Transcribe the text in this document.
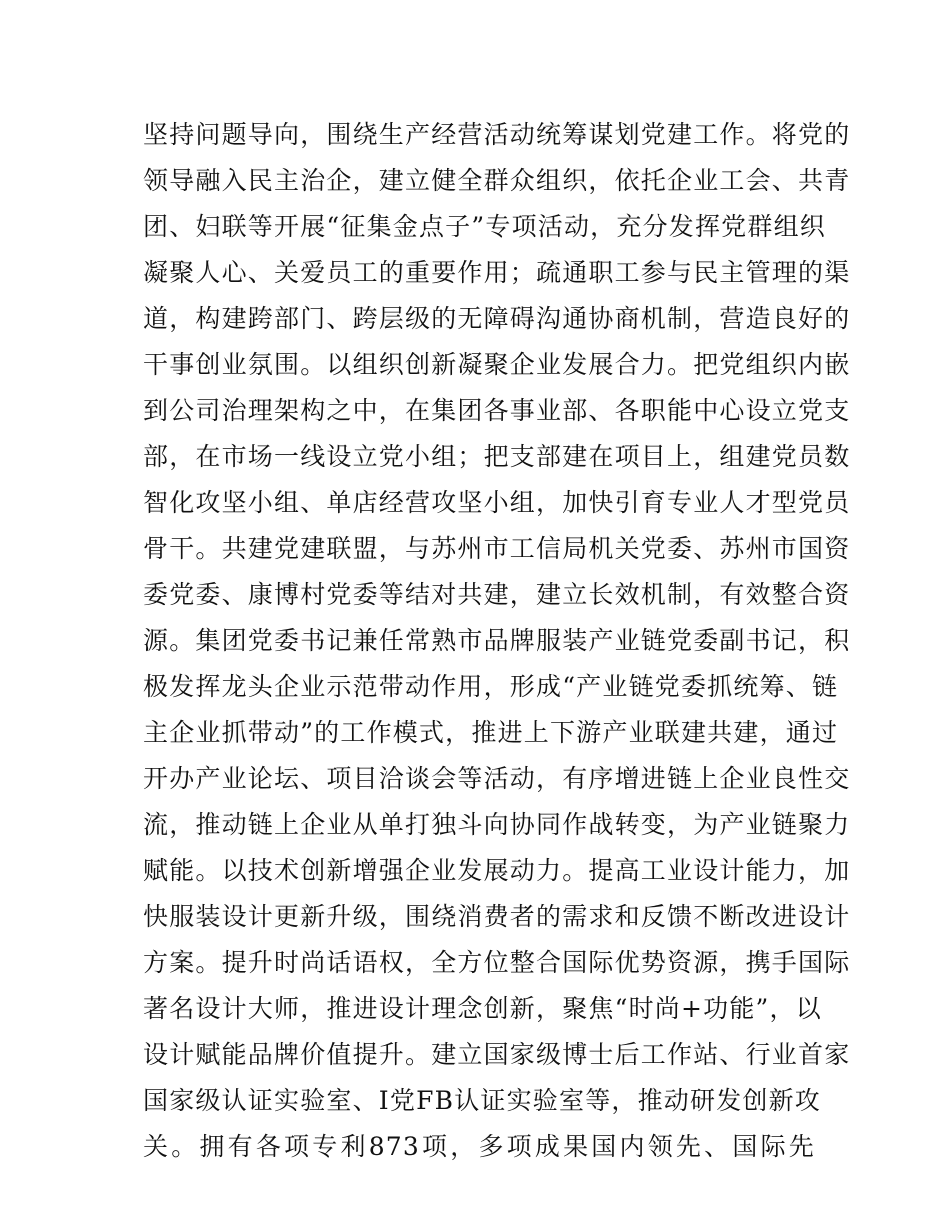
坚持问题导向，围绕生产经营活动统筹谋划党建工作。将党的
领导融入民主治企，建立健全群众组织，依托企业工会、共青
团、妇联等开展“征集金点子”专项活动，充分发挥党群组织
凝聚人心、关爱员工的重要作用；疏通职工参与民主管理的渠
道，构建跨部门、跨层级的无障碍沟通协商机制，营造良好的
干事创业氛围。以组织创新凝聚企业发展合力。把党组织内嵌
到公司治理架构之中，在集团各事业部、各职能中心设立党支
部，在市场一线设立党小组；把支部建在项目上，组建党员数
智化攻坚小组、单店经营攻坚小组，加快引育专业人才型党员
骨干。共建党建联盟，与苏州市工信局机关党委、苏州市国资
委党委、康博村党委等结对共建，建立长效机制，有效整合资
源。集团党委书记兼任常熟市品牌服装产业链党委副书记，积
极发挥龙头企业示范带动作用，形成“产业链党委抓统筹、链
主企业抓带动”的工作模式，推进上下游产业联建共建，通过
开办产业论坛、项目洽谈会等活动，有序增进链上企业良性交
流，推动链上企业从单打独斗向协同作战转变，为产业链聚力
赋能。以技术创新增强企业发展动力。提高工业设计能力，加
快服装设计更新升级，围绕消费者的需求和反馈不断改进设计
方案。提升时尚话语权，全方位整合国际优势资源，携手国际
著名设计大师，推进设计理念创新，聚焦“时尚+功能”，以
设计赋能品牌价值提升。建立国家级博士后工作站、行业首家
国家级认证实验室、I党FB认证实验室等，推动研发创新攻
关。拥有各项专利873项，多项成果国内领先、国际先
